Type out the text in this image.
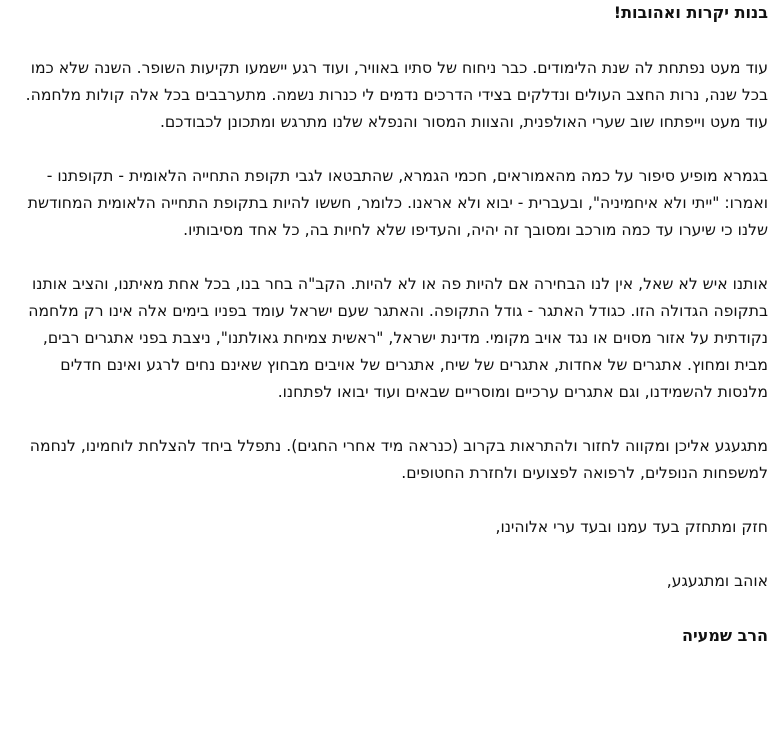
בנות יקרות ואהובות!

עוד מעט נפתחת לה שנת הלימודים. כבר ניחוח של סתיו באוויר, ועוד רגע יישמעו תקיעות השופר. השנה שלא כמו בכל שנה, נרות החצב העולים ונדלקים בצידי הדרכים נדמים לי כנרות נשמה. מתערבבים בכל אלה קולות מלחמה. עוד מעט וייפתחו שוב שערי האולפנית, והצוות המסור והנפלא שלנו מתרגש ומתכונן לכבודכם.

בגמרא מופיע סיפור על כמה מהאמוראים, חכמי הגמרא, שהתבטאו לגבי תקופת התחייה הלאומית - תקופתנו - ואמרו: "ייתי ולא איחמיניה", ובעברית - יבוא ולא אראנו. כלומר, חששו להיות בתקופת התחייה הלאומית המחודשת שלנו כי שיערו עד כמה מורכב ומסובך זה יהיה, והעדיפו שלא לחיות בה, כל אחד מסיבותיו.

אותנו איש לא שאל, אין לנו הבחירה אם להיות פה או לא להיות. הקב"ה בחר בנו, בכל אחת מאיתנו, והציב אותנו בתקופה הגדולה הזו. כגודל האתגר - גודל התקופה. והאתגר שעם ישראל עומד בפניו בימים אלה אינו רק מלחמה נקודתית על אזור מסוים או נגד אויב מקומי. מדינת ישראל, "ראשית צמיחת גאולתנו", ניצבת בפני אתגרים רבים, מבית ומחוץ. אתגרים של אחדות, אתגרים של שיח, אתגרים של אויבים מבחוץ שאינם נחים לרגע ואינם חדלים מלנסות להשמידנו, וגם אתגרים ערכיים ומוסריים שבאים ועוד יבואו לפתחנו.

מתגעגע אליכן ומקווה לחזור ולהתראות בקרוב (כנראה מיד אחרי החגים). נתפלל ביחד להצלחת לוחמינו, לנחמה למשפחות הנופלים, לרפואה לפצועים ולחזרת החטופים.

חזק ומתחזק בעד עמנו ובעד ערי אלוהינו,

אוהב ומתגעגע,

הרב שמעיה
